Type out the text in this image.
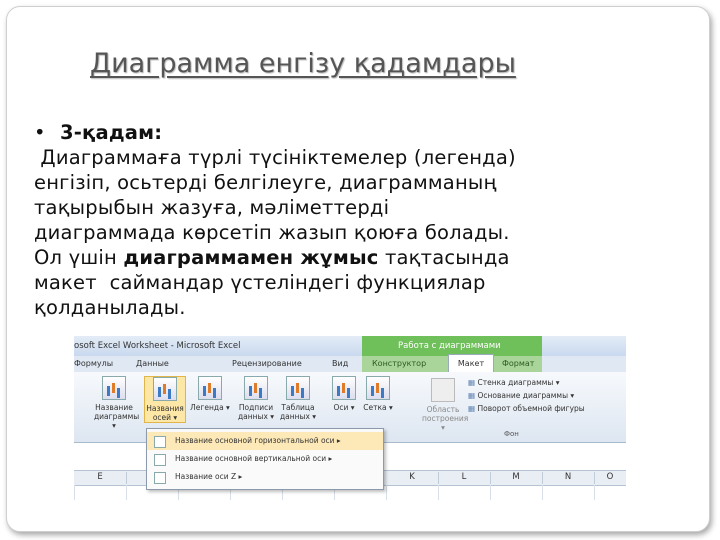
Диаграмма енгізу қадамдары
• 3-қадам:
Диаграммаға түрлі түсініктемелер (легенда)
енгізіп, осьтерді белгілеуге, диаграмманың
тақырыбын жазуға, мәліметтерді
диаграммада көрсетіп жазып қоюға болады.
Ол үшін диаграммамен жұмыс тақтасында
макет  саймандар үстеліндегі функциялар
қолданылады.
osoft Excel Worksheet - Microsoft Excel	Работа с диаграммами
Формулы	Данные	Рецензирование	Вид	Конструктор	Формат
Макет
Название диаграммы ▾
Названия осей ▾
Легенда ▾	Подписи данных ▾
Таблица данных ▾
Оси ▾	Сетка ▾	Область построения ▾
▦ Стенка диаграммы ▾
▦ Основание диаграммы ▾
▦ Поворот объемной фигуры
Фон
E	K	L	M	N	O
Название основной горизонтальной оси ▸
Название основной вертикальной оси ▸
Название оси Z ▸
